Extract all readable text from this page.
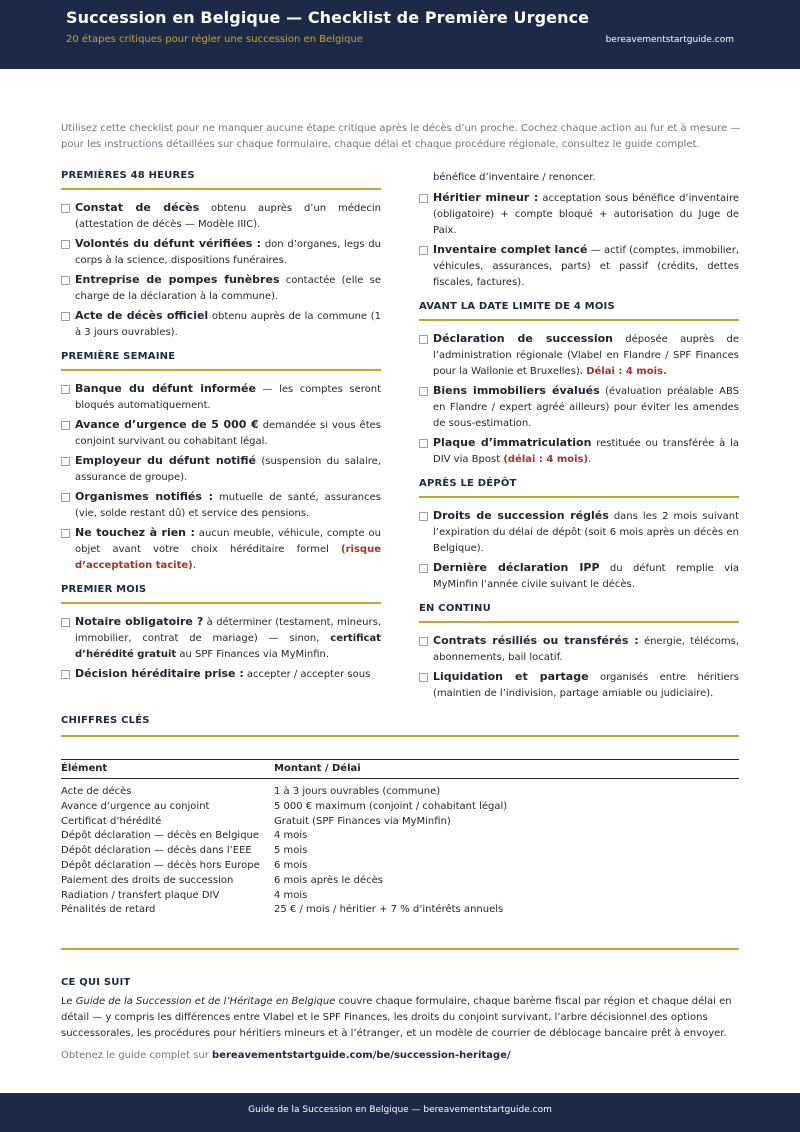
Succession en Belgique — Checklist de Première Urgence
20 étapes critiques pour régler une succession en Belgique	bereavementstartguide.com
Utilisez cette checklist pour ne manquer aucune étape critique après le décès d’un proche. Cochez chaque action au fur et à mesure — pour les instructions détaillées sur chaque formulaire, chaque délai et chaque procédure régionale, consultez le guide complet.
PREMIÈRES 48 HEURES
Constat de décès obtenu auprès d’un médecin (attestation de décès — Modèle IIIC).
Volontés du défunt vérifiées : don d’organes, legs du corps à la science, dispositions funéraires.
Entreprise de pompes funèbres contactée (elle se charge de la déclaration à la commune).
Acte de décès officiel obtenu auprès de la commune (1 à 3 jours ouvrables).
PREMIÈRE SEMAINE
Banque du défunt informée — les comptes seront bloqués automatiquement.
Avance d’urgence de 5 000 € demandée si vous êtes conjoint survivant ou cohabitant légal.
Employeur du défunt notifié (suspension du salaire, assurance de groupe).
Organismes notifiés : mutuelle de santé, assurances (vie, solde restant dû) et service des pensions.
Ne touchez à rien : aucun meuble, véhicule, compte ou objet avant votre choix héréditaire formel (risque d’acceptation tacite).
PREMIER MOIS
Notaire obligatoire ? à déterminer (testament, mineurs, immobilier, contrat de mariage) — sinon, certificat d’hérédité gratuit au SPF Finances via MyMinfin.
Décision héréditaire prise : accepter / accepter sous
bénéfice d’inventaire / renoncer.
Héritier mineur : acceptation sous bénéfice d’inventaire (obligatoire) + compte bloqué + autorisation du Juge de Paix.
Inventaire complet lancé — actif (comptes, immobilier, véhicules, assurances, parts) et passif (crédits, dettes fiscales, factures).
AVANT LA DATE LIMITE DE 4 MOIS
Déclaration de succession déposée auprès de l’administration régionale (Vlabel en Flandre / SPF Finances pour la Wallonie et Bruxelles). Délai : 4 mois.
Biens immobiliers évalués (évaluation préalable ABS en Flandre / expert agréé ailleurs) pour éviter les amendes de sous-estimation.
Plaque d’immatriculation restituée ou transférée à la DIV via Bpost (délai : 4 mois).
APRÈS LE DÉPÔT
Droits de succession réglés dans les 2 mois suivant l’expiration du délai de dépôt (soit 6 mois après un décès en Belgique).
Dernière déclaration IPP du défunt remplie via MyMinfin l’année civile suivant le décès.
EN CONTINU
Contrats résiliés ou transférés : énergie, télécoms, abonnements, bail locatif.
Liquidation et partage organisés entre héritiers (maintien de l’indivision, partage amiable ou judiciaire).
CHIFFRES CLÉS
Élément	Montant / Délai
Acte de décès	1 à 3 jours ouvrables (commune)
Avance d’urgence au conjoint	5 000 € maximum (conjoint / cohabitant légal)
Certificat d’hérédité	Gratuit (SPF Finances via MyMinfin)
Dépôt déclaration — décès en Belgique	4 mois
Dépôt déclaration — décès dans l’EEE	5 mois
Dépôt déclaration — décès hors Europe	6 mois
Paiement des droits de succession	6 mois après le décès
Radiation / transfert plaque DIV	4 mois
Pénalités de retard	25 € / mois / héritier + 7 % d’intérêts annuels
CE QUI SUIT

Le Guide de la Succession et de l’Héritage en Belgique couvre chaque formulaire, chaque barème fiscal par région et chaque délai en détail — y compris les différences entre Vlabel et le SPF Finances, les droits du conjoint survivant, l’arbre décisionnel des options successorales, les procédures pour héritiers mineurs et à l’étranger, et un modèle de courrier de déblocage bancaire prêt à envoyer.

Obtenez le guide complet sur bereavementstartguide.com/be/succession-heritage/

Guide de la Succession en Belgique — bereavementstartguide.com
